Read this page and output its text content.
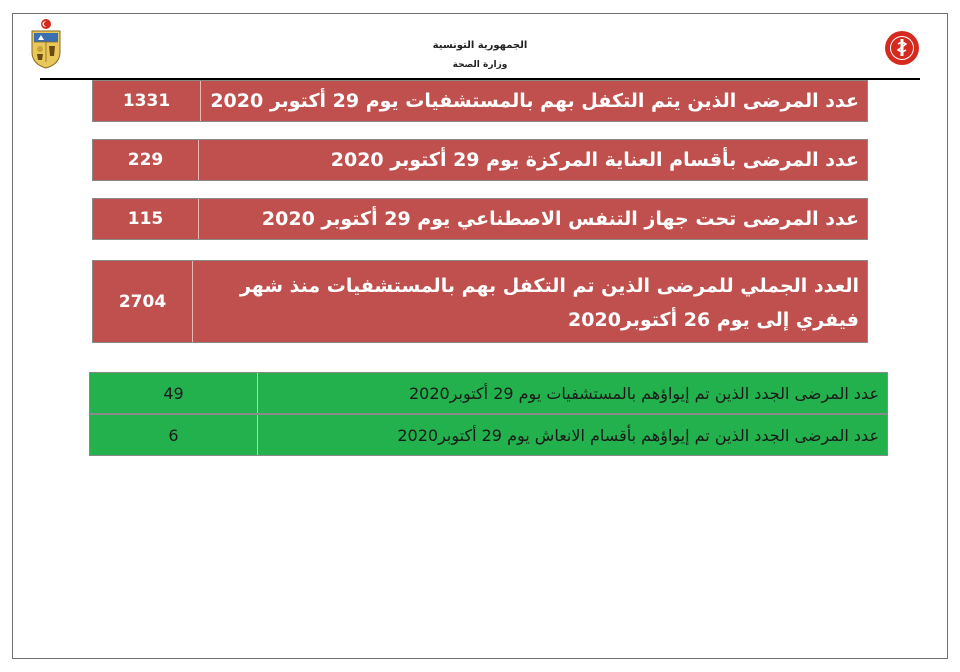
الجمهورية التونسية
وزارة الصحة
عدد المرضى الذين يتم التكفل بهم بالمستشفيات يوم 29 أكتوبر 2020
1331
عدد المرضى بأقسام العناية المركزة يوم 29 أكتوبر 2020
229
عدد المرضى تحت جهاز التنفس الاصطناعي يوم 29 أكتوبر 2020
115
العدد الجملي للمرضى الذين تم التكفل بهم بالمستشفيات منذ شهر فيفري إلى يوم 26 أكتوبر2020
2704
عدد المرضى الجدد الذين تم إيواؤهم بالمستشفيات يوم 29 أكتوبر2020
49
عدد المرضى الجدد الذين تم إيواؤهم بأقسام الانعاش يوم 29 أكتوبر2020
6
